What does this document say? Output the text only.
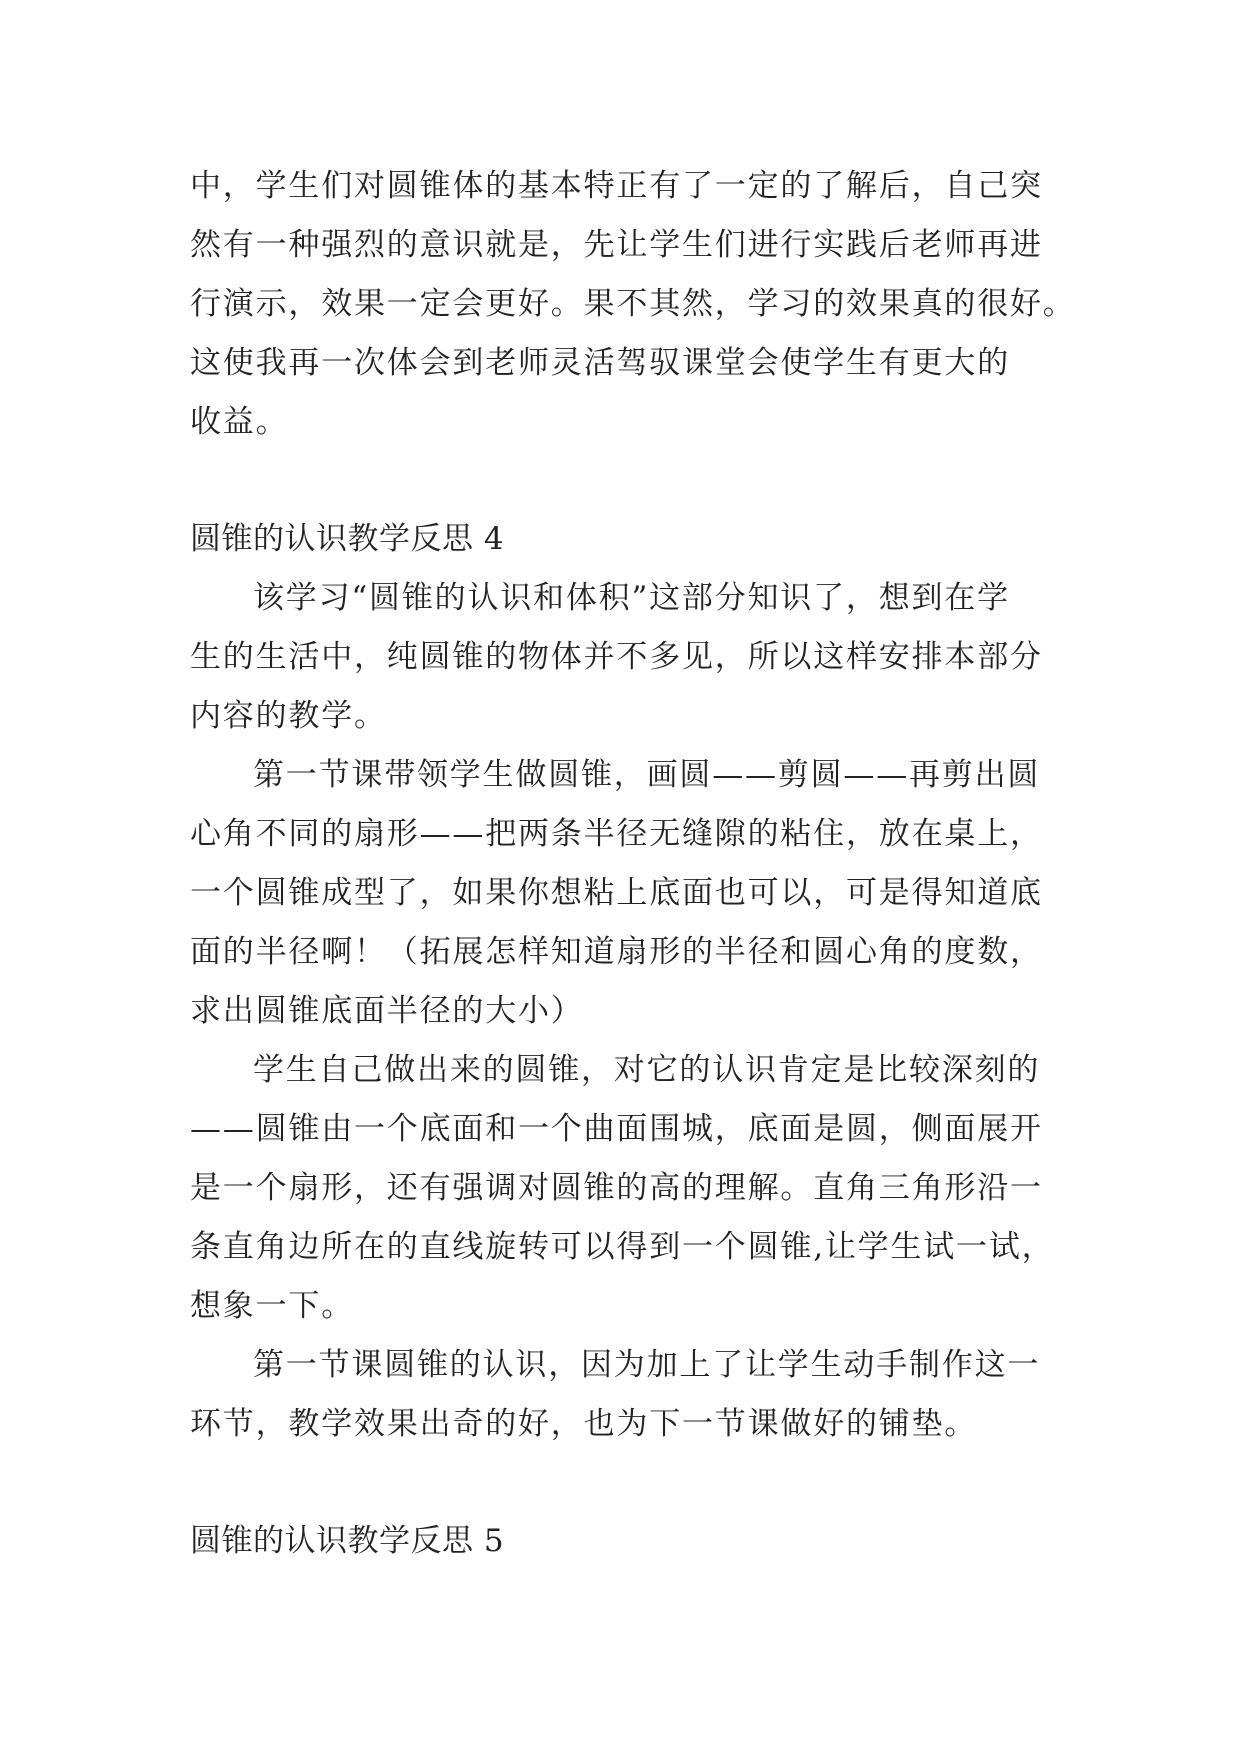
中，学生们对圆锥体的基本特正有了一定的了解后，自己突
然有一种强烈的意识就是，先让学生们进行实践后老师再进
行演示，效果一定会更好。果不其然，学习的效果真的很好。
这使我再一次体会到老师灵活驾驭课堂会使学生有更大的
收益。
圆锥的认识教学反思 4
该学习“圆锥的认识和体积”这部分知识了，想到在学
生的生活中，纯圆锥的物体并不多见，所以这样安排本部分
内容的教学。
第一节课带领学生做圆锥，画圆——剪圆——再剪出圆
心角不同的扇形——把两条半径无缝隙的粘住，放在桌上，
一个圆锥成型了，如果你想粘上底面也可以，可是得知道底
面的半径啊！（拓展怎样知道扇形的半径和圆心角的度数，
求出圆锥底面半径的大小）
学生自己做出来的圆锥，对它的认识肯定是比较深刻的
——圆锥由一个底面和一个曲面围城，底面是圆，侧面展开
是一个扇形，还有强调对圆锥的高的理解。直角三角形沿一
条直角边所在的直线旋转可以得到一个圆锥,让学生试一试，
想象一下。
第一节课圆锥的认识，因为加上了让学生动手制作这一
环节，教学效果出奇的好，也为下一节课做好的铺垫。
圆锥的认识教学反思 5
